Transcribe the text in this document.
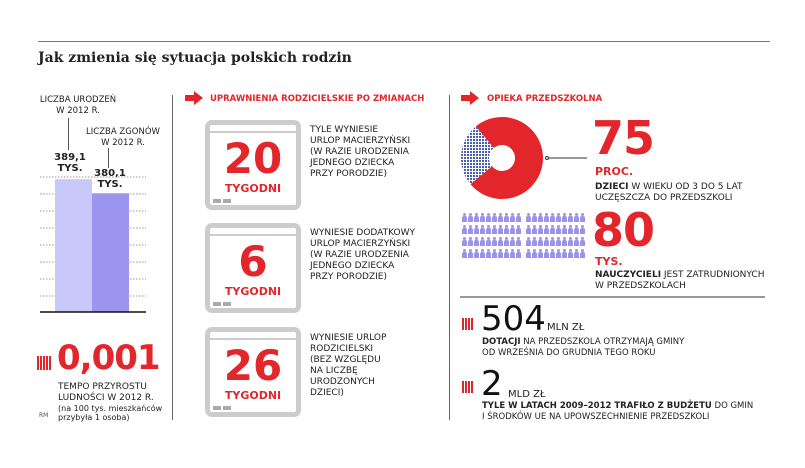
Jak zmienia się sytuacja polskich rodzin
LICZBA URODZEŃ
W 2012 R.
LICZBA ZGONÓW
W 2012 R.
389,1
TYS.	380,1
TYS.
0,001
TEMPO PRZYROSTU
LUDNOŚCI W 2012 R.
(na 100 tys. mieszkańców
przybyła 1 osoba)
RM
UPRAWNIENIA RODZICIELSKIE PO ZMIANACH
20
TYGODNI
TYLE WYNIESIE
URLOP MACIERZYŃSKI
(W RAZIE URODZENIA
JEDNEGO DZIECKA
PRZY PORODZIE)
6
TYGODNI
WYNIESIE DODATKOWY
URLOP MACIERZYŃSKI
(W RAZIE URODZENIA
JEDNEGO DZIECKA
PRZY PORODZIE)
26
TYGODNI
WYNIESIE URLOP
RODZICIELSKI
(BEZ WZGLĘDU
NA LICZBĘ
URODZONYCH
DZIECI)
OPIEKA PRZEDSZKOLNA
75
PROC.
DZIECI W WIEKU OD 3 DO 5 LAT
UCZĘSZCZA DO PRZEDSZKOLI
80
TYS.
NAUCZYCIELI JEST ZATRUDNIONYCH
W PRZEDSZKOLACH
504 MLN ZŁ
DOTACJI NA PRZEDSZKOLA OTRZYMAJĄ GMINY
OD WRZEŚNIA DO GRUDNIA TEGO ROKU
2 MLD ZŁ
TYLE W LATACH 2009–2012 TRAFIŁO Z BUDŻETU DO GMIN
I ŚRODKÓW UE NA UPOWSZECHNIENIE PRZEDSZKOLI
